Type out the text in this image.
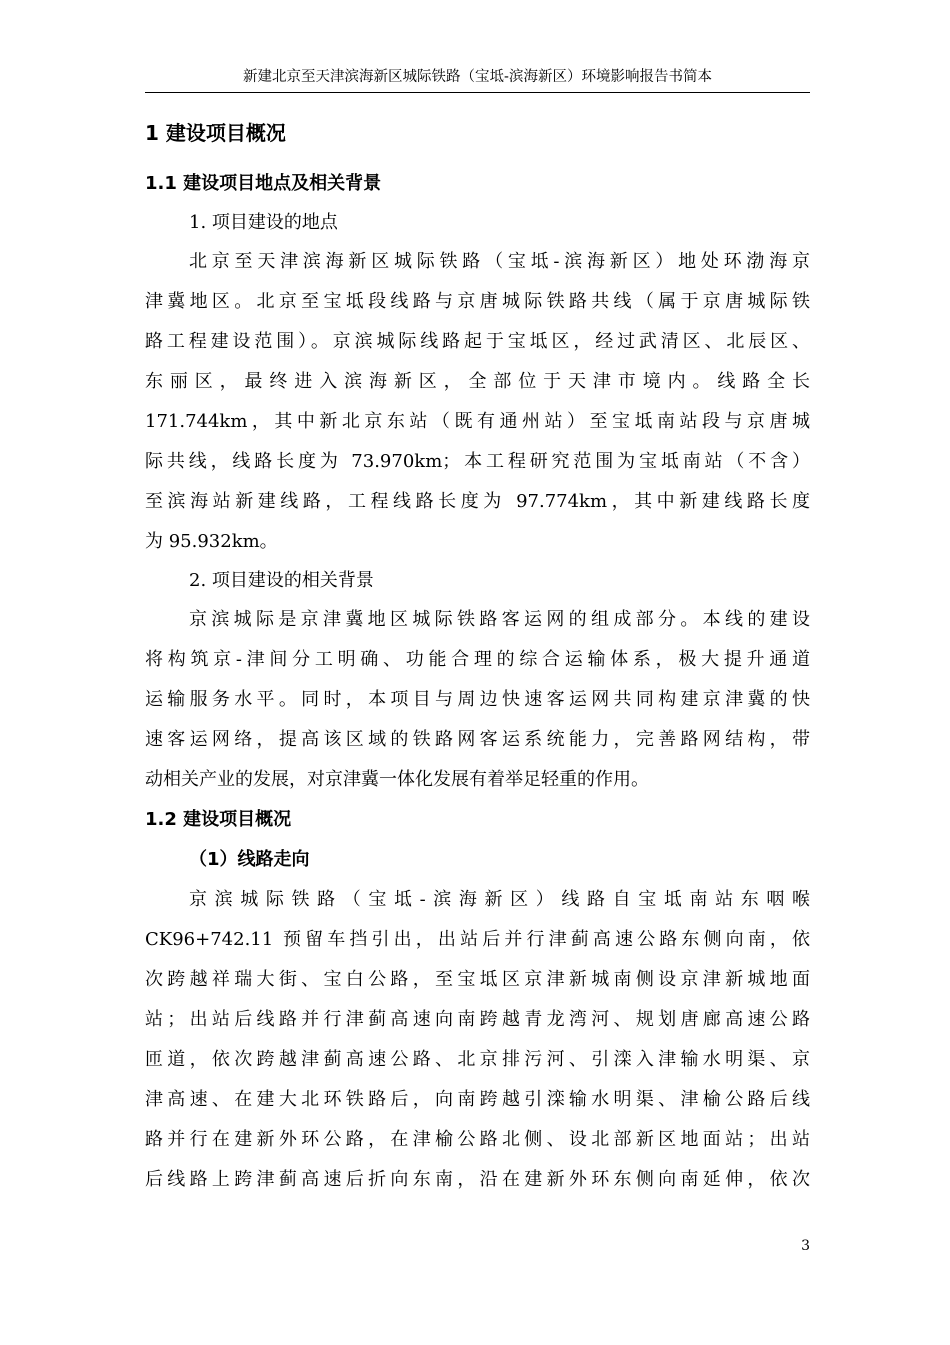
新建北京至天津滨海新区城际铁路（宝坻-滨海新区）环境影响报告书简本
1 建设项目概况
1.1 建设项目地点及相关背景
1. 项目建设的地点
北京至天津滨海新区城际铁路（宝坻-滨海新区）地处环渤海京
津冀地区。北京至宝坻段线路与京唐城际铁路共线（属于京唐城际铁
路工程建设范围）。京滨城际线路起于宝坻区，经过武清区、北辰区、
东丽区，最终进入滨海新区，全部位于天津市境内。线路全长
171.744km，其中新北京东站（既有通州站）至宝坻南站段与京唐城
际共线，线路长度为 73.970km；本工程研究范围为宝坻南站（不含）
至滨海站新建线路，工程线路长度为 97.774km，其中新建线路长度
为 95.932km。
2. 项目建设的相关背景
京滨城际是京津冀地区城际铁路客运网的组成部分。本线的建设
将构筑京-津间分工明确、功能合理的综合运输体系，极大提升通道
运输服务水平。同时，本项目与周边快速客运网共同构建京津冀的快
速客运网络，提高该区域的铁路网客运系统能力，完善路网结构，带
动相关产业的发展，对京津冀一体化发展有着举足轻重的作用。
1.2 建设项目概况
（1）线路走向
京滨城际铁路（宝坻-滨海新区）线路自宝坻南站东咽喉
CK96+742.11 预留车挡引出，出站后并行津蓟高速公路东侧向南，依
次跨越祥瑞大街、宝白公路，至宝坻区京津新城南侧设京津新城地面
站；出站后线路并行津蓟高速向南跨越青龙湾河、规划唐廊高速公路
匝道，依次跨越津蓟高速公路、北京排污河、引滦入津输水明渠、京
津高速、在建大北环铁路后，向南跨越引滦输水明渠、津榆公路后线
路并行在建新外环公路，在津榆公路北侧、设北部新区地面站；出站
后线路上跨津蓟高速后折向东南，沿在建新外环东侧向南延伸，依次
3
